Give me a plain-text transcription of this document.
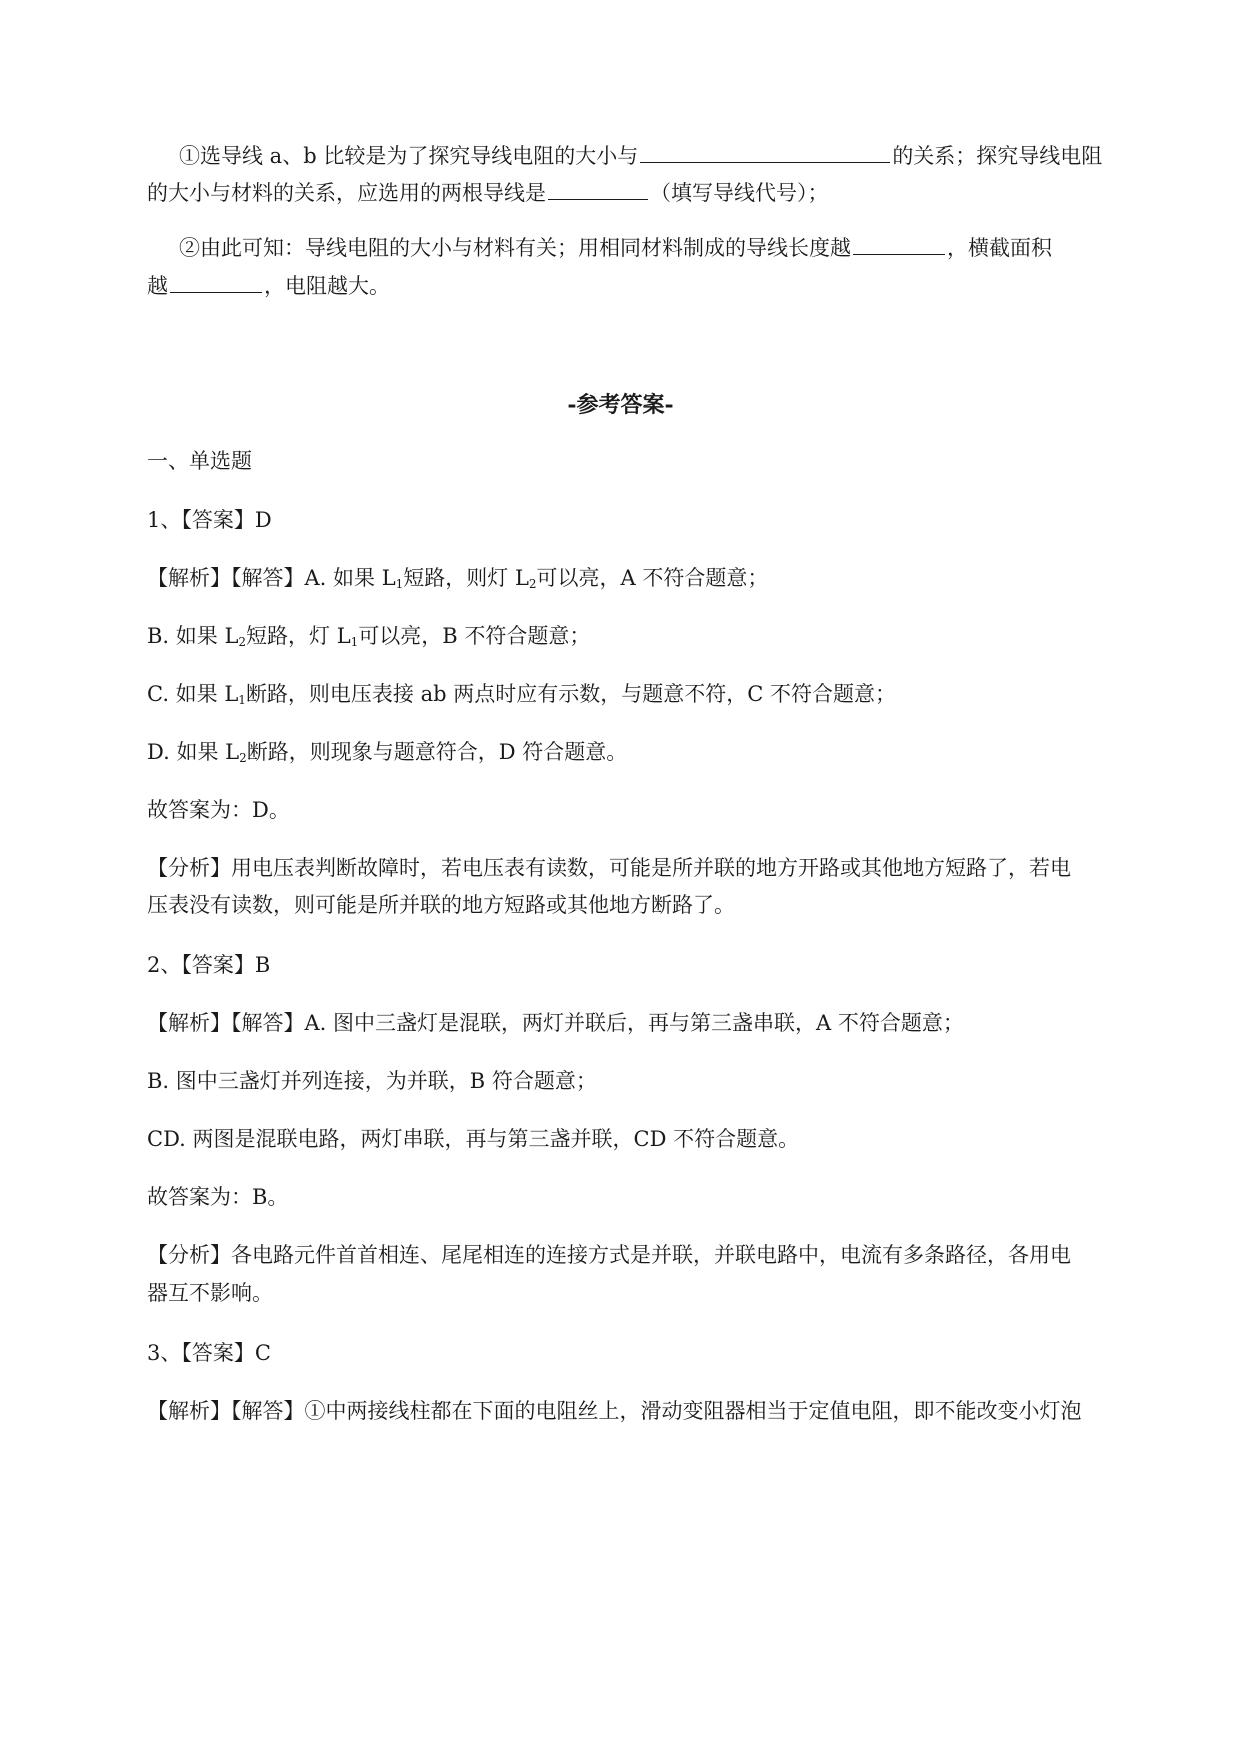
①选导线 a、b 比较是为了探究导线电阻的大小与	的关系；探究导线电阻
的大小与材料的关系，应选用的两根导线是	（填写导线代号）；
②由此可知：导线电阻的大小与材料有关；用相同材料制成的导线长度越	，横截面积
越	，电阻越大。
-参考答案-
一、单选题
1、【答案】D
【解析】【解答】A. 如果 $L_1$短路，则灯 $L_2$可以亮，A 不符合题意；
B. 如果 $L_2$短路，灯 $L_1$可以亮，B 不符合题意；
C. 如果 $L_1$断路，则电压表接 ab 两点时应有示数，与题意不符，C 不符合题意；
D. 如果 $L_2$断路，则现象与题意符合，D 符合题意。
故答案为：D。
【分析】用电压表判断故障时，若电压表有读数，可能是所并联的地方开路或其他地方短路了，若电
压表没有读数，则可能是所并联的地方短路或其他地方断路了。
2、【答案】B
【解析】【解答】A. 图中三盏灯是混联，两灯并联后，再与第三盏串联，A 不符合题意；
B. 图中三盏灯并列连接，为并联，B 符合题意；
CD. 两图是混联电路，两灯串联，再与第三盏并联，CD 不符合题意。
故答案为：B。
【分析】各电路元件首首相连、尾尾相连的连接方式是并联，并联电路中，电流有多条路径，各用电
器互不影响。
3、【答案】C
【解析】【解答】①中两接线柱都在下面的电阻丝上，滑动变阻器相当于定值电阻，即不能改变小灯泡
